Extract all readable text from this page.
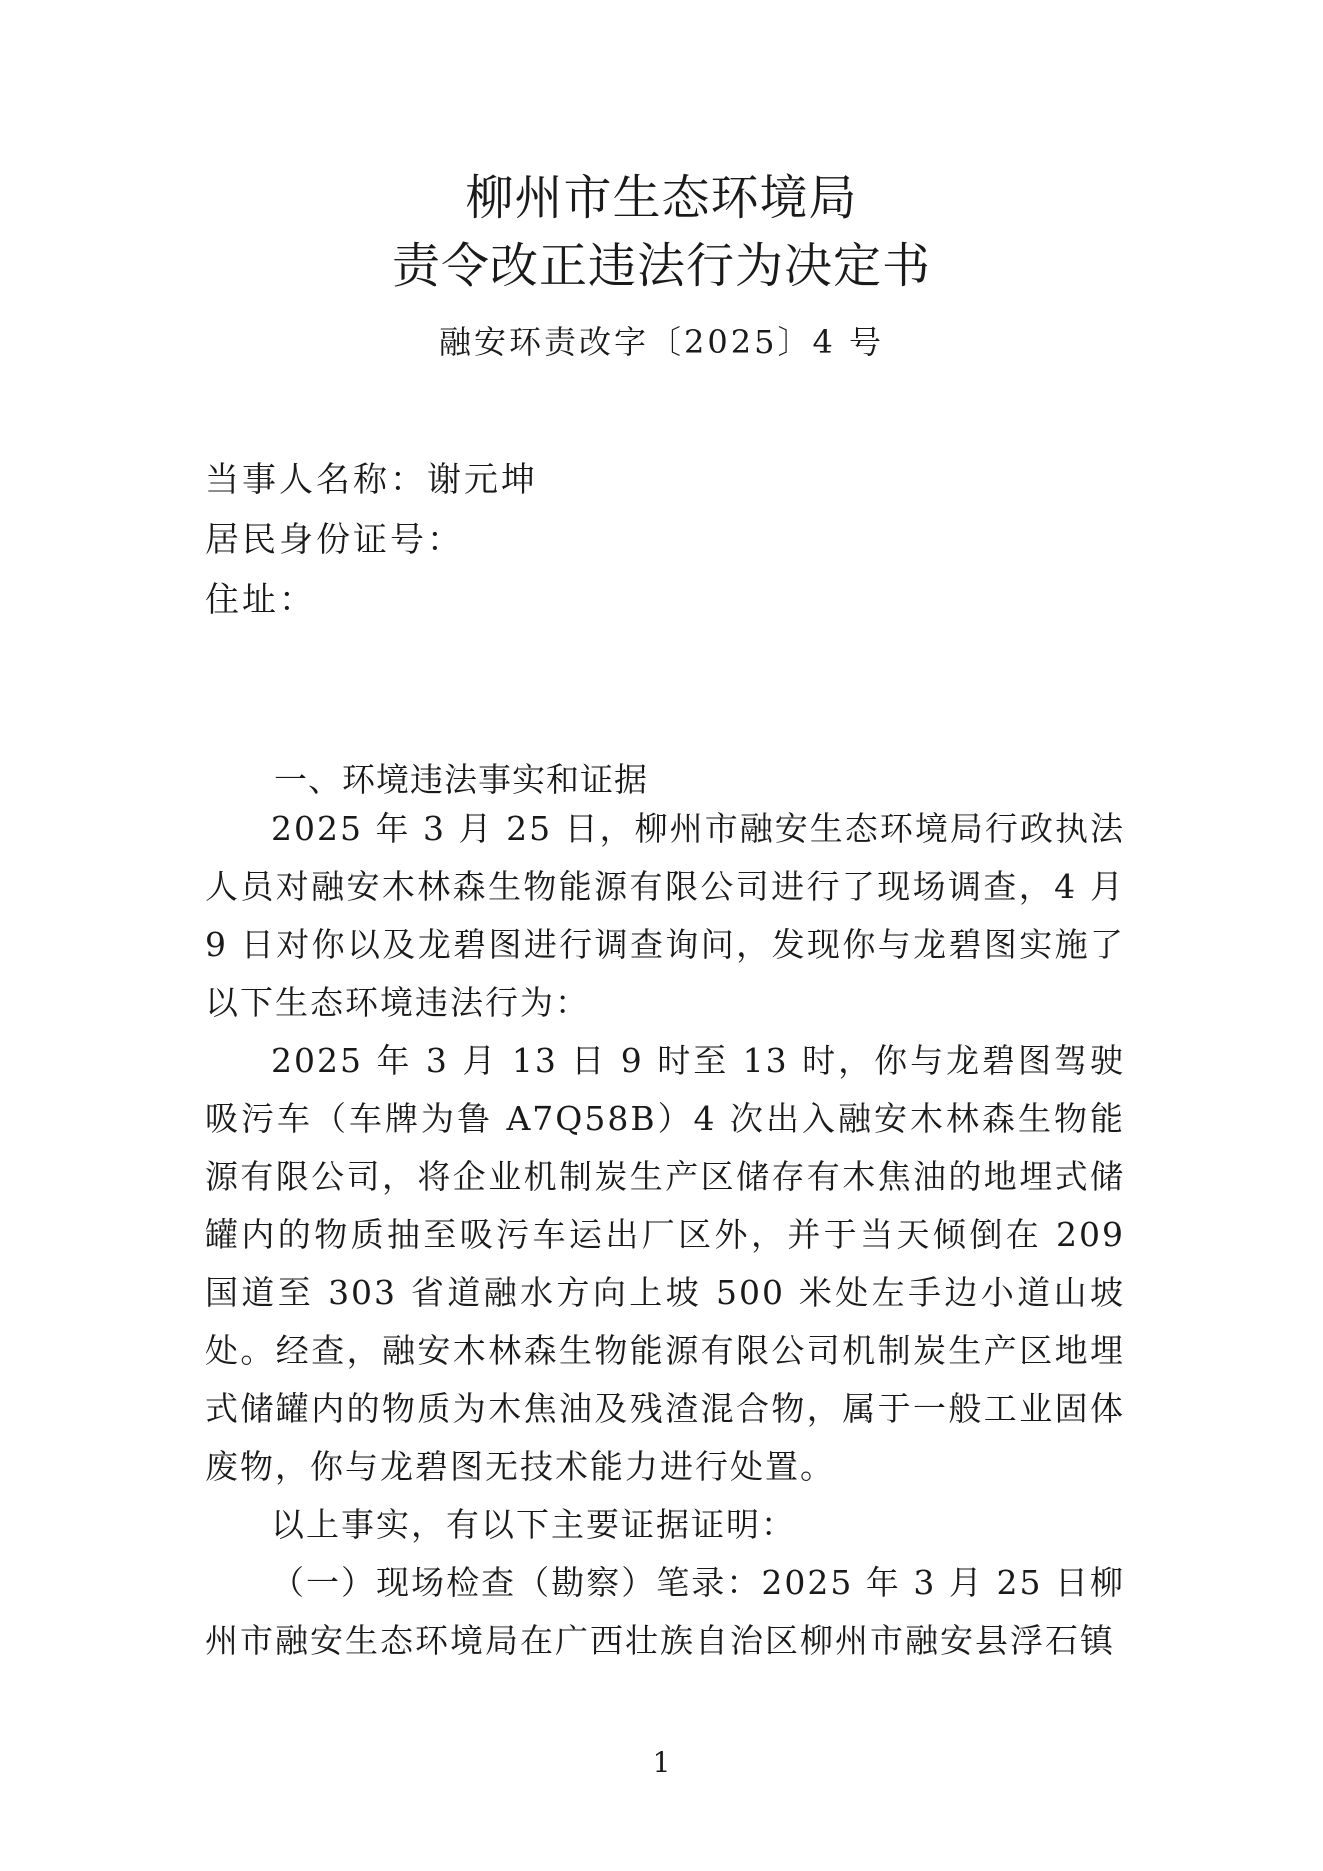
柳州市生态环境局
责令改正违法行为决定书
融安环责改字〔2025〕4 号
当事人名称：谢元坤
居民身份证号：
住址：
一、环境违法事实和证据

2025 年 3 月 25 日，柳州市融安生态环境局行政执法人员对融安木林森生物能源有限公司进行了现场调查，4 月 9 日对你以及龙碧图进行调查询问，发现你与龙碧图实施了以下生态环境违法行为：

2025 年 3 月 13 日 9 时至 13 时，你与龙碧图驾驶吸污车（车牌为鲁 A7Q58B）4 次出入融安木林森生物能源有限公司，将企业机制炭生产区储存有木焦油的地埋式储罐内的物质抽至吸污车运出厂区外，并于当天倾倒在 209 国道至 303 省道融水方向上坡 500 米处左手边小道山坡处。经查，融安木林森生物能源有限公司机制炭生产区地埋式储罐内的物质为木焦油及残渣混合物，属于一般工业固体废物，你与龙碧图无技术能力进行处置。

以上事实，有以下主要证据证明：

（一）现场检查（勘察）笔录：2025 年 3 月 25 日柳州市融安生态环境局在广西壮族自治区柳州市融安县浮石镇

1
